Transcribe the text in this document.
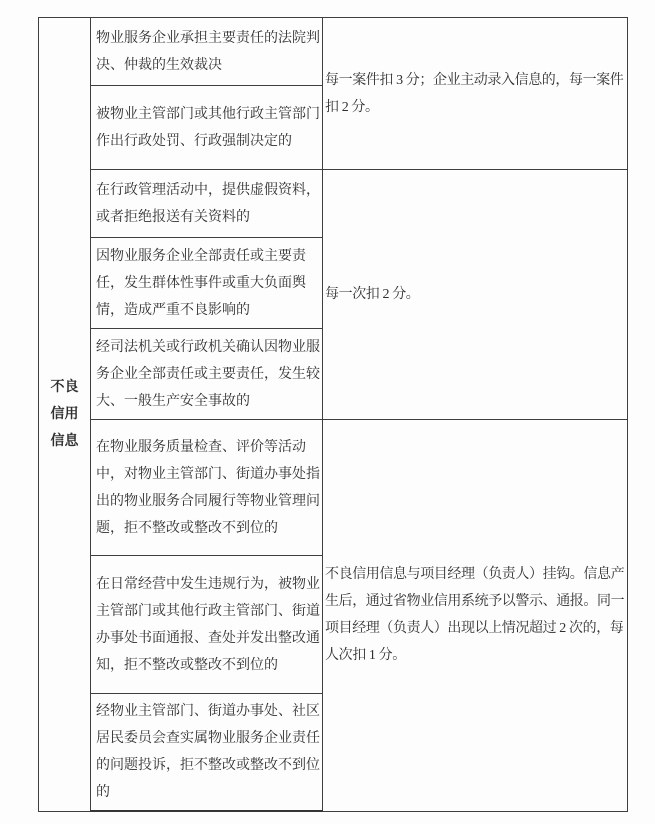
不良
信用
信息	物业服务企业承担主要责任的法院判决、仲裁的生效裁决	每一案件扣 3 分；企业主动录入信息的，每一案件扣 2 分。
	被物业主管部门或其他行政主管部门作出行政处罚、行政强制决定的	
	在行政管理活动中，提供虚假资料，或者拒绝报送有关资料的	每一次扣 2 分。
	因物业服务企业全部责任或主要责任，发生群体性事件或重大负面舆情，造成严重不良影响的	
	经司法机关或行政机关确认因物业服务企业全部责任或主要责任，发生较大、一般生产安全事故的	
	在物业服务质量检查、评价等活动中，对物业主管部门、街道办事处指出的物业服务合同履行等物业管理问题，拒不整改或整改不到位的	不良信用信息与项目经理（负责人）挂钩。信息产生后，通过省物业信用系统予以警示、通报。同一项目经理（负责人）出现以上情况超过 2 次的，每人次扣 1 分。
	在日常经营中发生违规行为，被物业主管部门或其他行政主管部门、街道办事处书面通报、查处并发出整改通知，拒不整改或整改不到位的	
	经物业主管部门、街道办事处、社区居民委员会查实属物业服务企业责任的问题投诉，拒不整改或整改不到位的	
